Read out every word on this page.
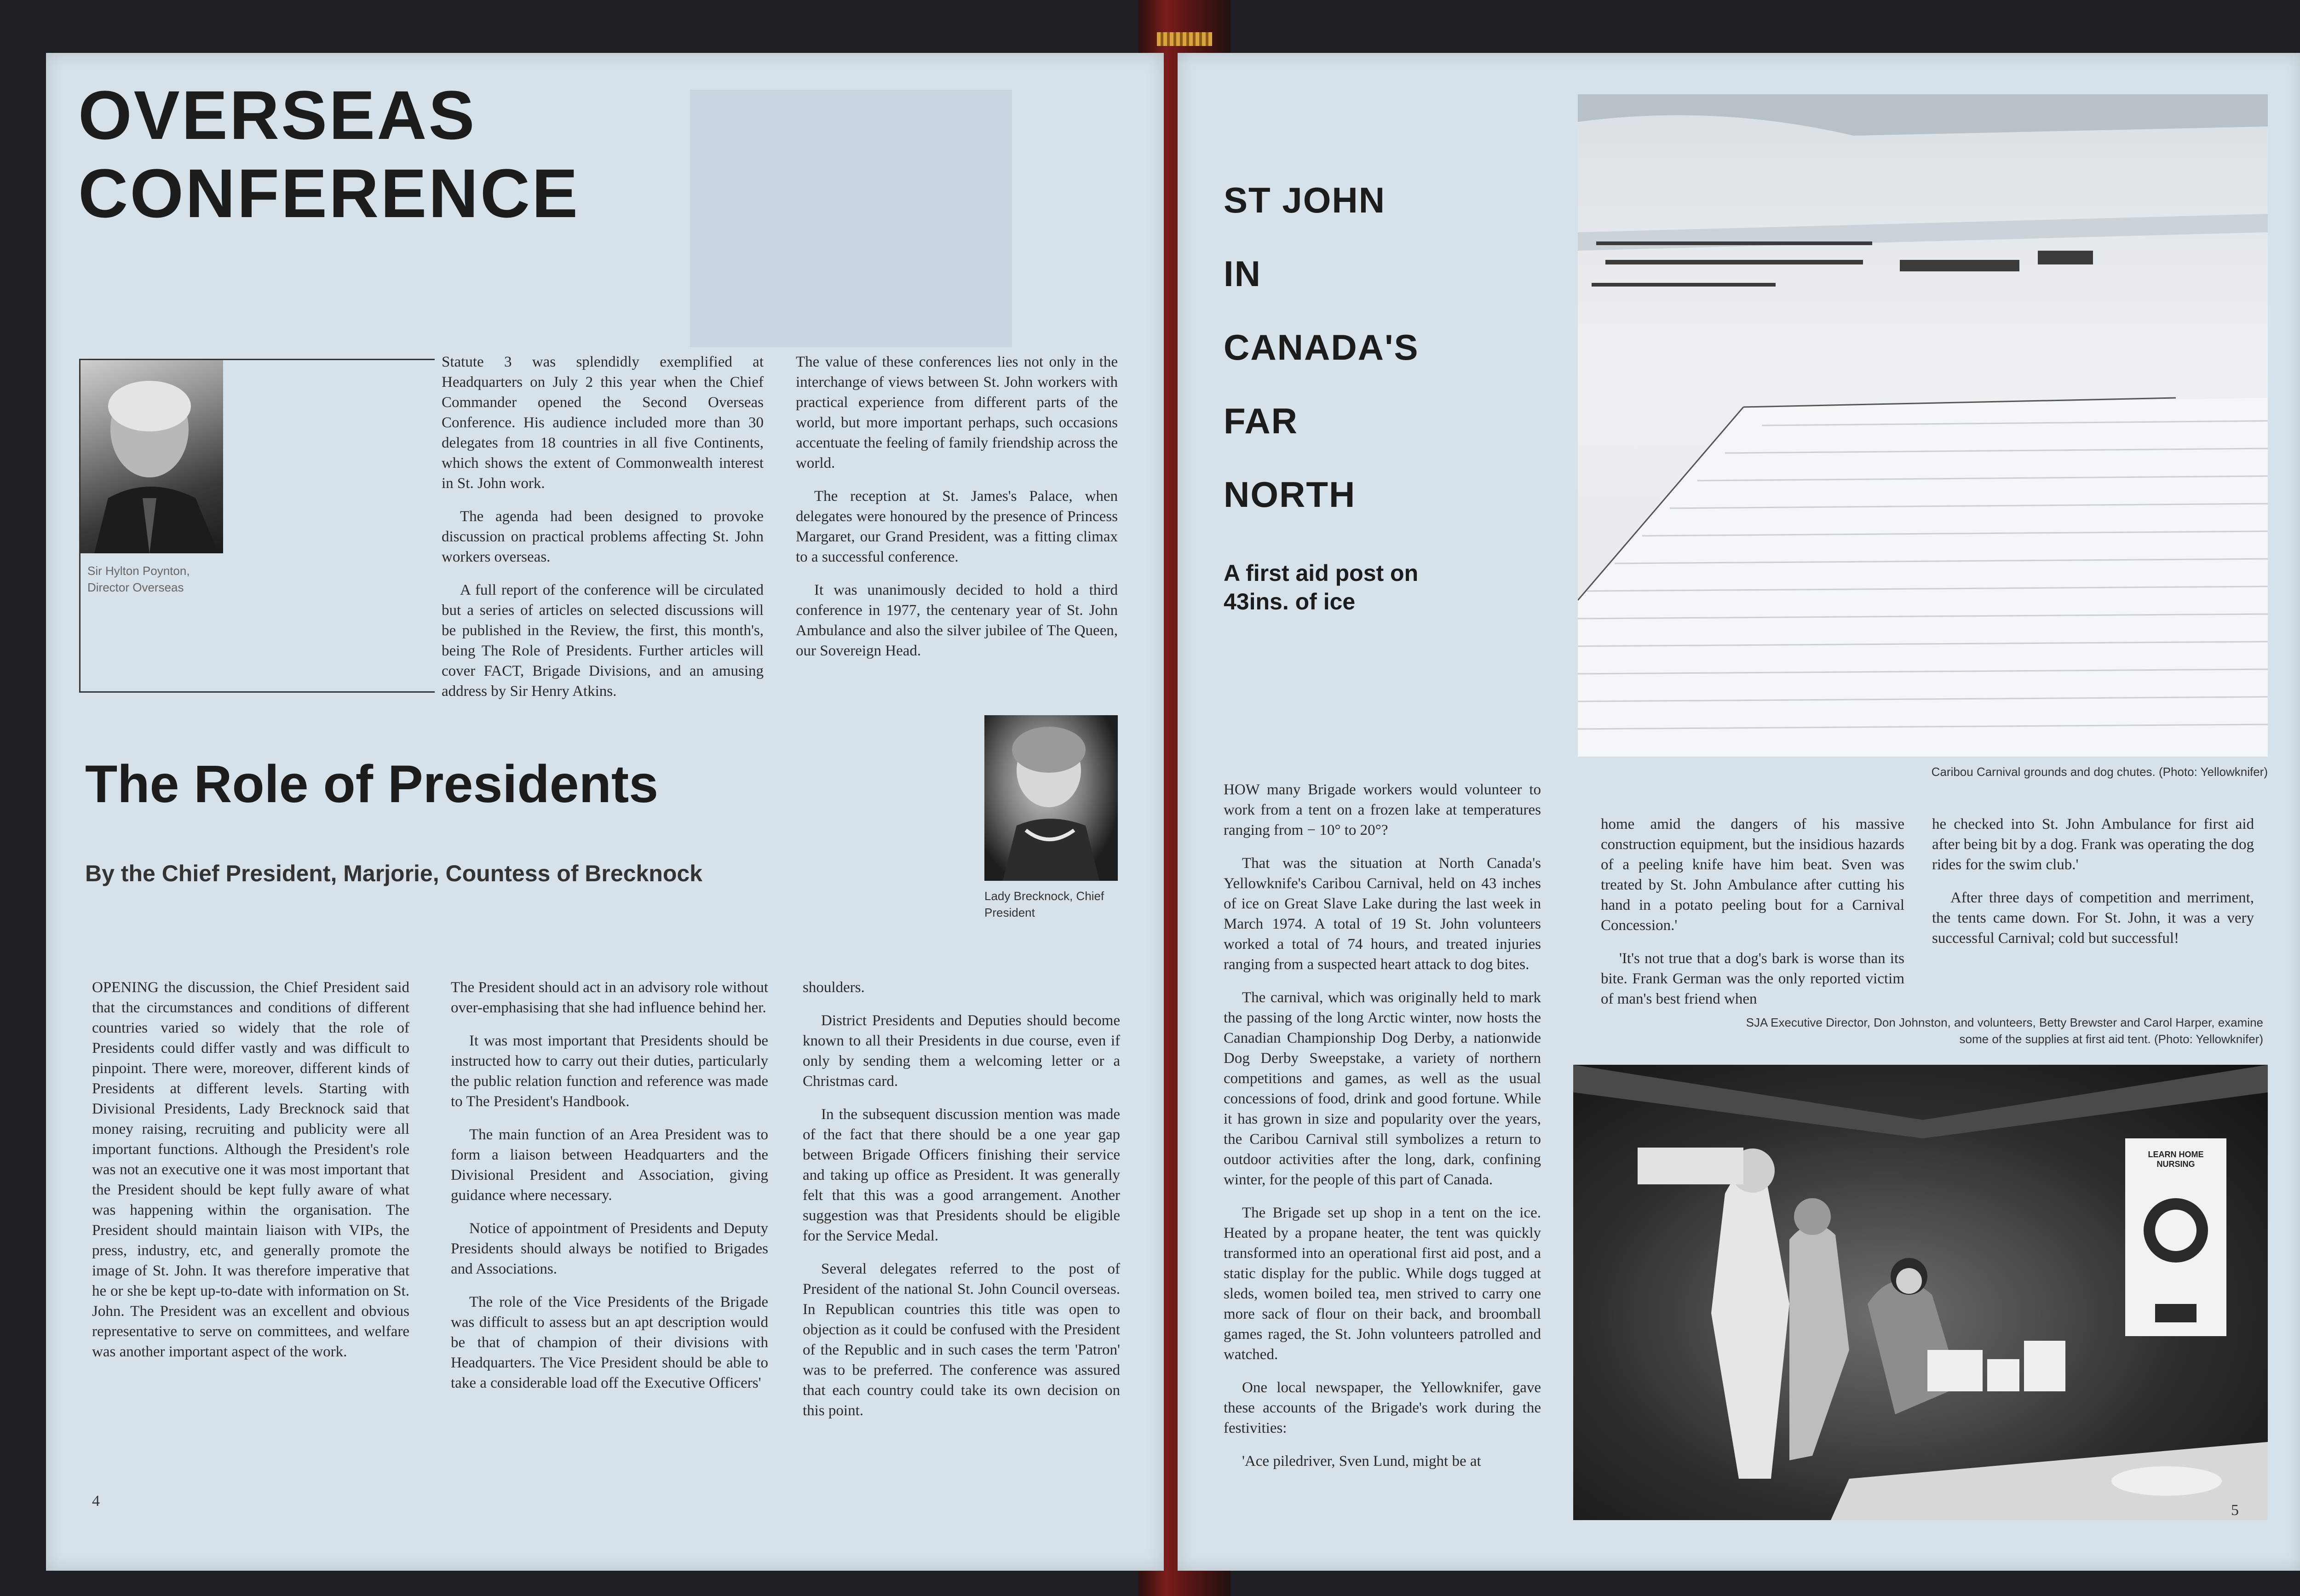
OVERSEAS
CONFERENCE
Sir Hylton Poynton, Director Overseas

Statute 3 was splendidly exemplified at Headquarters on July 2 this year when the Chief Commander opened the Second Overseas Conference. His audience included more than 30 delegates from 18 countries in all five Continents, which shows the extent of Commonwealth interest in St. John work.

The agenda had been designed to provoke discussion on practical problems affecting St. John workers overseas.

A full report of the conference will be circulated but a series of articles on selected discussions will be published in the Review, the first, this month's, being The Role of Presidents. Further articles will cover FACT, Brigade Divisions, and an amusing address by Sir Henry Atkins.

The value of these conferences lies not only in the interchange of views between St. John workers with practical experience from different parts of the world, but more important perhaps, such occasions accentuate the feeling of family friendship across the world.

The reception at St. James's Palace, when delegates were honoured by the presence of Princess Margaret, our Grand President, was a fitting climax to a successful conference.

It was unanimously decided to hold a third conference in 1977, the centenary year of St. John Ambulance and also the silver jubilee of The Queen, our Sovereign Head.

Lady Brecknock, Chief President
The Role of Presidents
By the Chief President, Marjorie, Countess of Brecknock

OPENING the discussion, the Chief President said that the circumstances and conditions of different countries varied so widely that the role of Presidents could differ vastly and was difficult to pinpoint. There were, moreover, different kinds of Presidents at different levels. Starting with Divisional Presidents, Lady Brecknock said that money raising, recruiting and publicity were all important functions. Although the President's role was not an executive one it was most important that the President should be kept fully aware of what was happening within the organisation. The President should maintain liaison with VIPs, the press, industry, etc, and generally promote the image of St. John. It was therefore imperative that he or she be kept up-to-date with information on St. John. The President was an excellent and obvious representative to serve on committees, and welfare was another important aspect of the work.

The President should act in an advisory role without over-emphasising that she had influence behind her.

It was most important that Presidents should be instructed how to carry out their duties, particularly the public relation function and reference was made to The President's Handbook.

The main function of an Area President was to form a liaison between Headquarters and the Divisional President and Association, giving guidance where necessary.

Notice of appointment of Presidents and Deputy Presidents should always be notified to Brigades and Associations.

The role of the Vice Presidents of the Brigade was difficult to assess but an apt description would be that of champion of their divisions with Headquarters. The Vice President should be able to take a considerable load off the Executive Officers'

shoulders.

District Presidents and Deputies should become known to all their Presidents in due course, even if only by sending them a welcoming letter or a Christmas card.

In the subsequent discussion mention was made of the fact that there should be a one year gap between Brigade Officers finishing their service and taking up office as President. It was generally felt that this was a good arrangement. Another suggestion was that Presidents should be eligible for the Service Medal.

Several delegates referred to the post of President of the national St. John Council overseas. In Republican countries this title was open to objection as it could be confused with the President of the Republic and in such cases the term 'Patron' was to be preferred. The conference was assured that each country could take its own decision on this point.

4
ST JOHN
IN
CANADA'S
FAR
NORTH
A first aid post on 43ins. of ice
Caribou Carnival grounds and dog chutes. (Photo: Yellowknifer)

HOW many Brigade workers would volunteer to work from a tent on a frozen lake at temperatures ranging from − 10° to 20°?

That was the situation at North Canada's Yellowknife's Caribou Carnival, held on 43 inches of ice on Great Slave Lake during the last week in March 1974. A total of 19 St. John volunteers worked a total of 74 hours, and treated injuries ranging from a suspected heart attack to dog bites.

The carnival, which was originally held to mark the passing of the long Arctic winter, now hosts the Canadian Championship Dog Derby, a nationwide Dog Derby Sweepstake, a variety of northern competitions and games, as well as the usual concessions of food, drink and good fortune. While it has grown in size and popularity over the years, the Caribou Carnival still symbolizes a return to outdoor activities after the long, dark, confining winter, for the people of this part of Canada.

The Brigade set up shop in a tent on the ice. Heated by a propane heater, the tent was quickly transformed into an operational first aid post, and a static display for the public. While dogs tugged at sleds, women boiled tea, men strived to carry one more sack of flour on their back, and broomball games raged, the St. John volunteers patrolled and watched.

One local newspaper, the Yellowknifer, gave these accounts of the Brigade's work during the festivities:

'Ace piledriver, Sven Lund, might be at

home amid the dangers of his massive construction equipment, but the insidious hazards of a peeling knife have him beat. Sven was treated by St. John Ambulance after cutting his hand in a potato peeling bout for a Carnival Concession.'

'It's not true that a dog's bark is worse than its bite. Frank German was the only reported victim of man's best friend when

he checked into St. John Ambulance for first aid after being bit by a dog. Frank was operating the dog rides for the swim club.'

After three days of competition and merriment, the tents came down. For St. John, it was a very successful Carnival; cold but successful!

SJA Executive Director, Don Johnston, and volunteers, Betty Brewster and Carol Harper, examine some of the supplies at first aid tent. (Photo: Yellowknifer)
LEARN HOME NURSING
5
